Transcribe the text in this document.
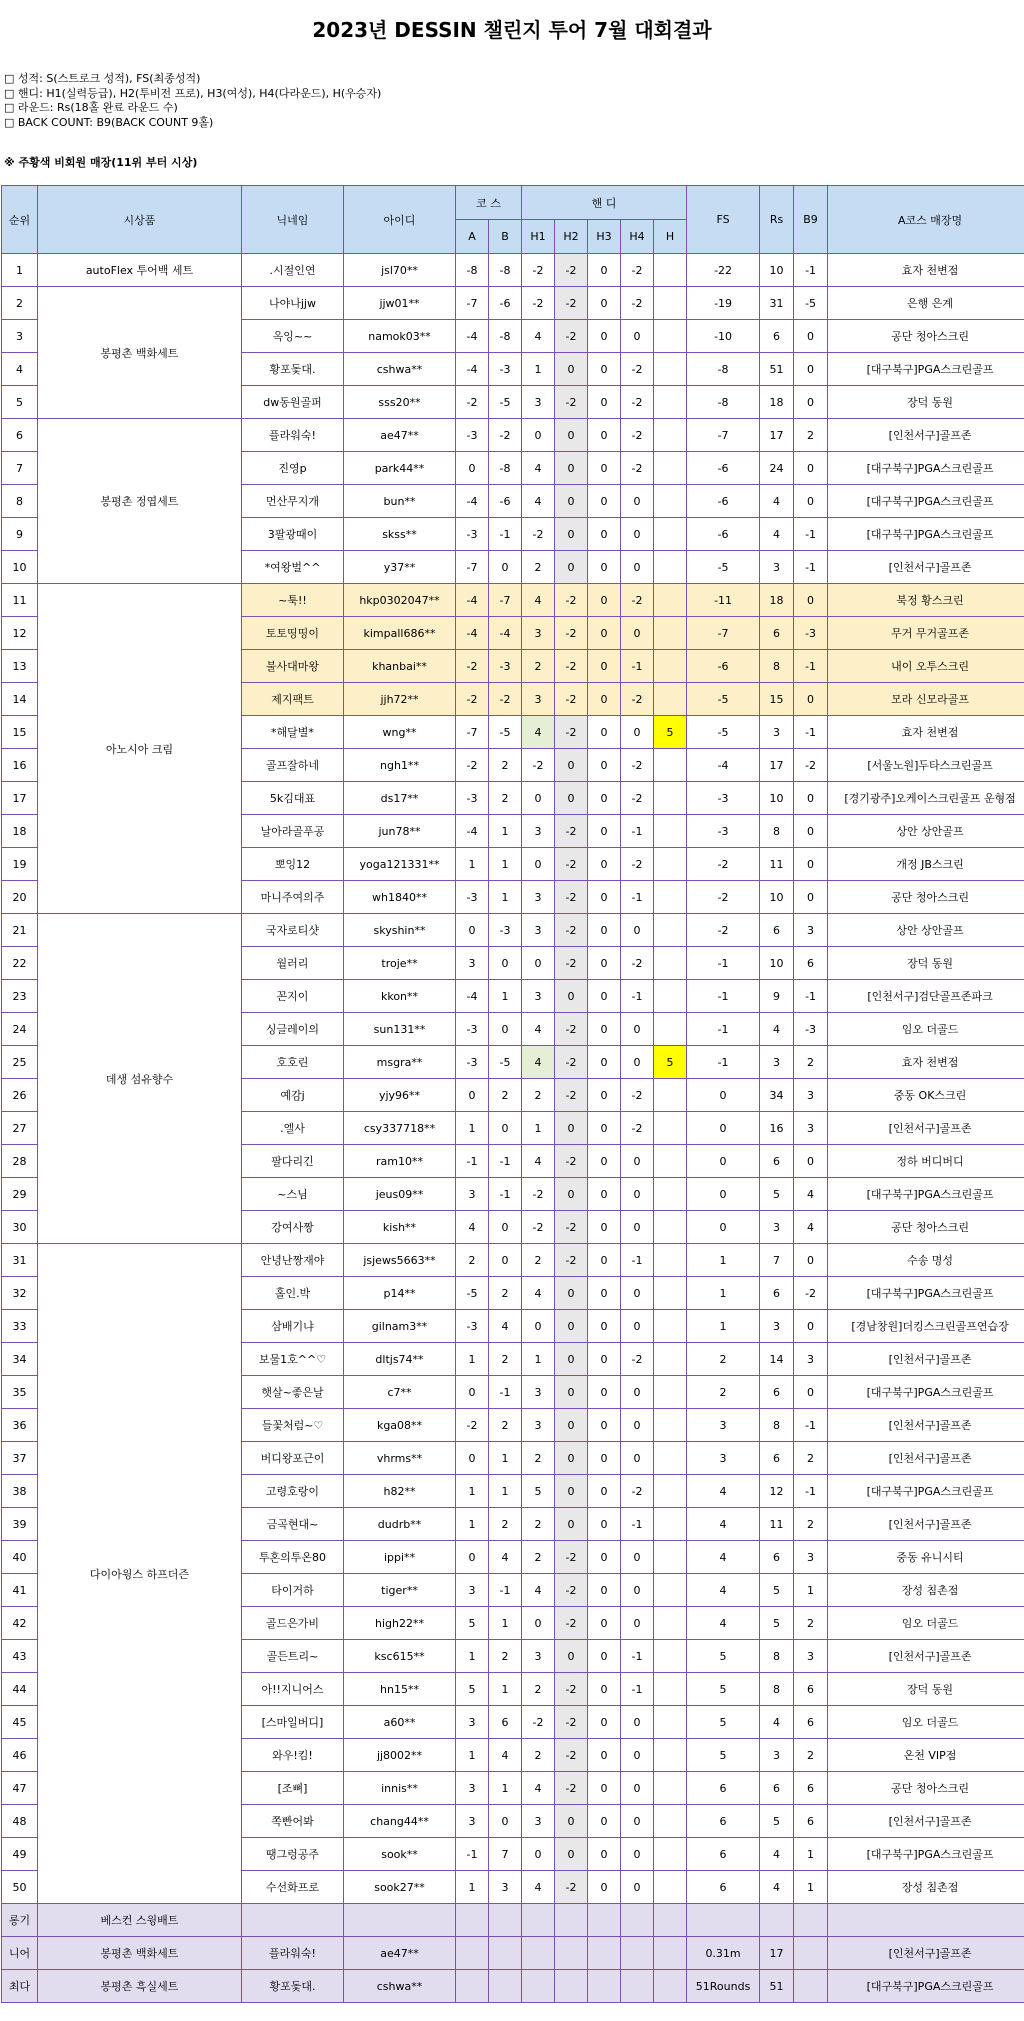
2023년 DESSIN 챌린지 투어 7월 대회결과
□ 성적: S(스트로크 성적), FS(최종성적)
□ 핸디: H1(실력등급), H2(투비전 프로), H3(여성), H4(다라운드), H(우승자)
□ 라운드: Rs(18홀 완료 라운드 수)
□ BACK COUNT: B9(BACK COUNT 9홀)
※ 주황색 비회원 매장(11위 부터 시상)
순위	시상품	닉네임	아이디	코 스		핸 디					FS	Rs	B9	A코스 매장명
				A	B	H1	H2	H3	H4	H				
1	autoFlex 투어백 세트	.시절인연	jsl70**	-8	-8	-2	-2	0	-2		-22	10	-1	효자 천변점
2	봉평촌 백화세트	나야나jjw	jjw01**	-7	-6	-2	-2	0	-2		-19	31	-5	은행 은계
3		옥잉~~	namok03**	-4	-8	4	-2	0	0		-10	6	0	공단 청아스크린
4		황포돛대.	cshwa**	-4	-3	1	0	0	-2		-8	51	0	[대구북구]PGA스크린골프
5		dw동원골퍼	sss20**	-2	-5	3	-2	0	-2		-8	18	0	장덕 동원
6	봉평촌 정엽세트	플라워숙!	ae47**	-3	-2	0	0	0	-2		-7	17	2	[인천서구]골프존
7		진영p	park44**	0	-8	4	0	0	-2		-6	24	0	[대구북구]PGA스크린골프
8		먼산무지개	bun**	-4	-6	4	0	0	0		-6	4	0	[대구북구]PGA스크린골프
9		3팔광때이	skss**	-3	-1	-2	0	0	0		-6	4	-1	[대구북구]PGA스크린골프
10		*여왕벌^^	y37**	-7	0	2	0	0	0		-5	3	-1	[인천서구]골프존
11	아노시아 크림	~툭!!	hkp0302047**	-4	-7	4	-2	0	-2		-11	18	0	북정 황스크린
12		토토띵띵이	kimpall686**	-4	-4	3	-2	0	0		-7	6	-3	무거 무거골프존
13		불사대마왕	khanbai**	-2	-3	2	-2	0	-1		-6	8	-1	내이 오투스크린
14		제지팩트	jjh72**	-2	-2	3	-2	0	-2		-5	15	0	모라 신모라골프
15		*해달별*	wng**	-7	-5	4	-2	0	0	5	-5	3	-1	효자 천변점
16		골프잘하네	ngh1**	-2	2	-2	0	0	-2		-4	17	-2	[서울노원]두타스크린골프
17		5k김대표	ds17**	-3	2	0	0	0	-2		-3	10	0	[경기광주]오케이스크린골프 운형점
18		날아라골푸공	jun78**	-4	1	3	-2	0	-1		-3	8	0	상안 상안골프
19		뽀잉12	yoga121331**	1	1	0	-2	0	-2		-2	11	0	개정 JB스크린
20		마니주여의주	wh1840**	-3	1	3	-2	0	-1		-2	10	0	공단 청아스크린
21	데생 섬유향수	국자로티샷	skyshin**	0	-3	3	-2	0	0		-2	6	3	상안 상안골프
22		월러리	troje**	3	0	0	-2	0	-2		-1	10	6	장덕 동원
23		꼰지이	kkon**	-4	1	3	0	0	-1		-1	9	-1	[인천서구]검단골프존파크
24		싱글레이의	sun131**	-3	0	4	-2	0	0		-1	4	-3	임오 더골드
25		호호린	msgra**	-3	-5	4	-2	0	0	5	-1	3	2	효자 천변점
26		예감j	yjy96**	0	2	2	-2	0	-2		0	34	3	중동 OK스크린
27		.엘사	csy337718**	1	0	1	0	0	-2		0	16	3	[인천서구]골프존
28		팔다리긴	ram10**	-1	-1	4	-2	0	0		0	6	0	정하 버디버디
29		~스님	jeus09**	3	-1	-2	0	0	0		0	5	4	[대구북구]PGA스크린골프
30		강여사짱	kish**	4	0	-2	-2	0	0		0	3	4	공단 청아스크린
31	다이아윙스 하프더즌	안녕난짱재야	jsjews5663**	2	0	2	-2	0	-1		1	7	0	수송 명성
32		홀인.박	p14**	-5	2	4	0	0	0		1	6	-2	[대구북구]PGA스크린골프
33		삼배기냐	gilnam3**	-3	4	0	0	0	0		1	3	0	[경남창원]더킹스크린골프연습장
34		보물1호^^♡	dltjs74**	1	2	1	0	0	-2		2	14	3	[인천서구]골프존
35		햇살~좋은날	c7**	0	-1	3	0	0	0		2	6	0	[대구북구]PGA스크린골프
36		들꽃처럼~♡	kga08**	-2	2	3	0	0	0		3	8	-1	[인천서구]골프존
37		버디왕포근이	vhrms**	0	1	2	0	0	0		3	6	2	[인천서구]골프존
38		고령호랑이	h82**	1	1	5	0	0	-2		4	12	-1	[대구북구]PGA스크린골프
39		금곡현대~	dudrb**	1	2	2	0	0	-1		4	11	2	[인천서구]골프존
40		투혼의투온80	ippi**	0	4	2	-2	0	0		4	6	3	중동 유니시티
41		타이거하	tiger**	3	-1	4	-2	0	0		4	5	1	장성 침촌점
42		골드은가비	high22**	5	1	0	-2	0	0		4	5	2	임오 더골드
43		골든트리~	ksc615**	1	2	3	0	0	-1		5	8	3	[인천서구]골프존
44		아!!지니어스	hn15**	5	1	2	-2	0	-1		5	8	6	장덕 동원
45		[스마일버디]	a60**	3	6	-2	-2	0	0		5	4	6	임오 더골드
46		와우!킴!	jj8002**	1	4	2	-2	0	0		5	3	2	온천 VIP점
47		[조뼈]	innis**	3	1	4	-2	0	0		6	6	6	공단 청아스크린
48		쪽빤어봐	chang44**	3	0	3	0	0	0		6	5	6	[인천서구]골프존
49		땡그렁공주	sook**	-1	7	0	0	0	0		6	4	1	[대구북구]PGA스크린골프
50		수선화프로	sook27**	1	3	4	-2	0	0		6	4	1	장성 침촌점
롱기	베스컨 스윙배트													
니어	봉평촌 백화세트	플라워숙!	ae47**								0.31m	17		[인천서구]골프존
최다	봉평촌 흑실세트	황포돛대.	cshwa**								51Rounds	51		[대구북구]PGA스크린골프
